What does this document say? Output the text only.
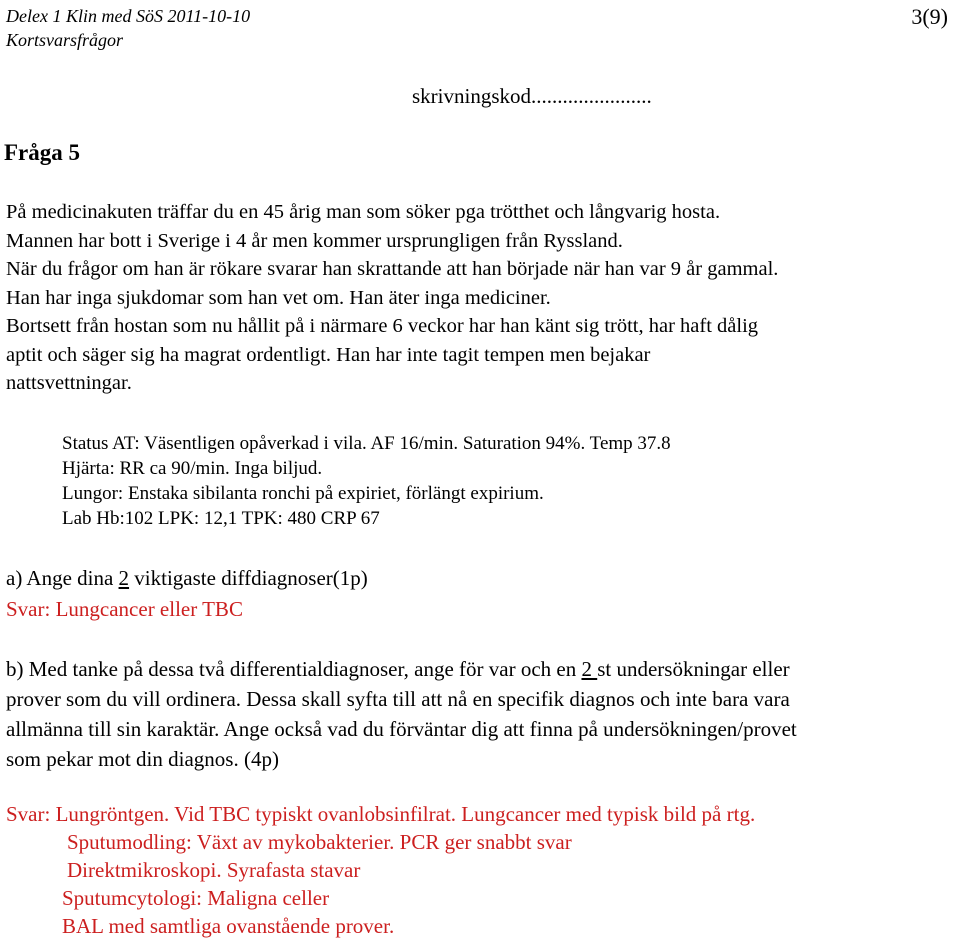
Delex 1 Klin med SöS 2011-10-10
Kortsvarsfrågor
3(9)
skrivningskod.......................
Fråga 5
På medicinakuten träffar du en 45 årig man som söker pga trötthet och långvarig hosta.
Mannen har bott i Sverige i 4 år men kommer ursprungligen från Ryssland.
När du frågor om han är rökare svarar han skrattande att han började när han var 9 år gammal.
Han har inga sjukdomar som han vet om. Han äter inga mediciner.
Bortsett från hostan som nu hållit på i närmare 6 veckor har han känt sig trött, har haft dålig
aptit och säger sig ha magrat ordentligt. Han har inte tagit tempen men bejakar
nattsvettningar.
Status AT: Väsentligen opåverkad i vila. AF 16/min. Saturation 94%. Temp 37.8
Hjärta: RR ca 90/min. Inga biljud.
Lungor: Enstaka sibilanta ronchi på expiriet, förlängt expirium.
Lab Hb:102 LPK: 12,1 TPK: 480 CRP 67
a) Ange dina 2 viktigaste diffdiagnoser(1p)
Svar: Lungcancer eller TBC
b) Med tanke på dessa två differentialdiagnoser, ange för var och en 2 st undersökningar eller
prover som du vill ordinera. Dessa skall syfta till att nå en specifik diagnos och inte bara vara
allmänna till sin karaktär. Ange också vad du förväntar dig att finna på undersökningen/provet
som pekar mot din diagnos. (4p)
Svar: Lungröntgen. Vid TBC typiskt ovanlobsinfilrat. Lungcancer med typisk bild på rtg.
Sputumodling: Växt av mykobakterier. PCR ger snabbt svar
Direktmikroskopi. Syrafasta stavar
Sputumcytologi: Maligna celler
BAL med samtliga ovanstående prover.
